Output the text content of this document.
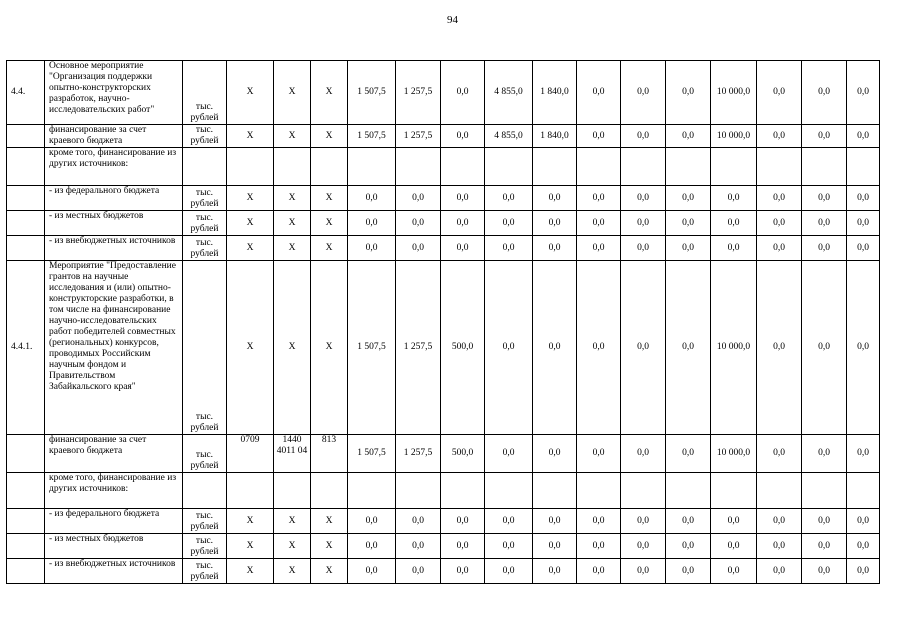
94
4.4.	Основное мероприятие "Организация поддержки опытно-конструкторских разработок, научно-исследовательских работ"	тыс. рублей	X	X	X	1 507,5	1 257,5	0,0	4 855,0	1 840,0	0,0	0,0	0,0	10 000,0	0,0	0,0	0,0
	финансирование за счет краевого бюджета	тыс. рублей	X	X	X	1 507,5	1 257,5	0,0	4 855,0	1 840,0	0,0	0,0	0,0	10 000,0	0,0	0,0	0,0
	кроме того, финансирование из других источников:																
	- из федерального бюджета	тыс. рублей	X	X	X	0,0	0,0	0,0	0,0	0,0	0,0	0,0	0,0	0,0	0,0	0,0	0,0
	- из местных бюджетов	тыс. рублей	X	X	X	0,0	0,0	0,0	0,0	0,0	0,0	0,0	0,0	0,0	0,0	0,0	0,0
	- из внебюджетных источников	тыс. рублей	X	X	X	0,0	0,0	0,0	0,0	0,0	0,0	0,0	0,0	0,0	0,0	0,0	0,0
4.4.1.	Мероприятие "Предоставление грантов на научные исследования и (или) опытно-конструкторские разработки, в том числе на финансирование научно-исследовательских работ победителей совместных (региональных) конкурсов, проводимых Российским научным фондом и Правительством Забайкальского края"	тыс. рублей	X	X	X	1 507,5	1 257,5	500,0	0,0	0,0	0,0	0,0	0,0	10 000,0	0,0	0,0	0,0
	финансирование за счет краевого бюджета	тыс. рублей	0709	1440 4011 04	813	1 507,5	1 257,5	500,0	0,0	0,0	0,0	0,0	0,0	10 000,0	0,0	0,0	0,0
	кроме того, финансирование из других источников:																
	- из федерального бюджета	тыс. рублей	X	X	X	0,0	0,0	0,0	0,0	0,0	0,0	0,0	0,0	0,0	0,0	0,0	0,0
	- из местных бюджетов	тыс. рублей	X	X	X	0,0	0,0	0,0	0,0	0,0	0,0	0,0	0,0	0,0	0,0	0,0	0,0
	- из внебюджетных источников	тыс. рублей	X	X	X	0,0	0,0	0,0	0,0	0,0	0,0	0,0	0,0	0,0	0,0	0,0	0,0
